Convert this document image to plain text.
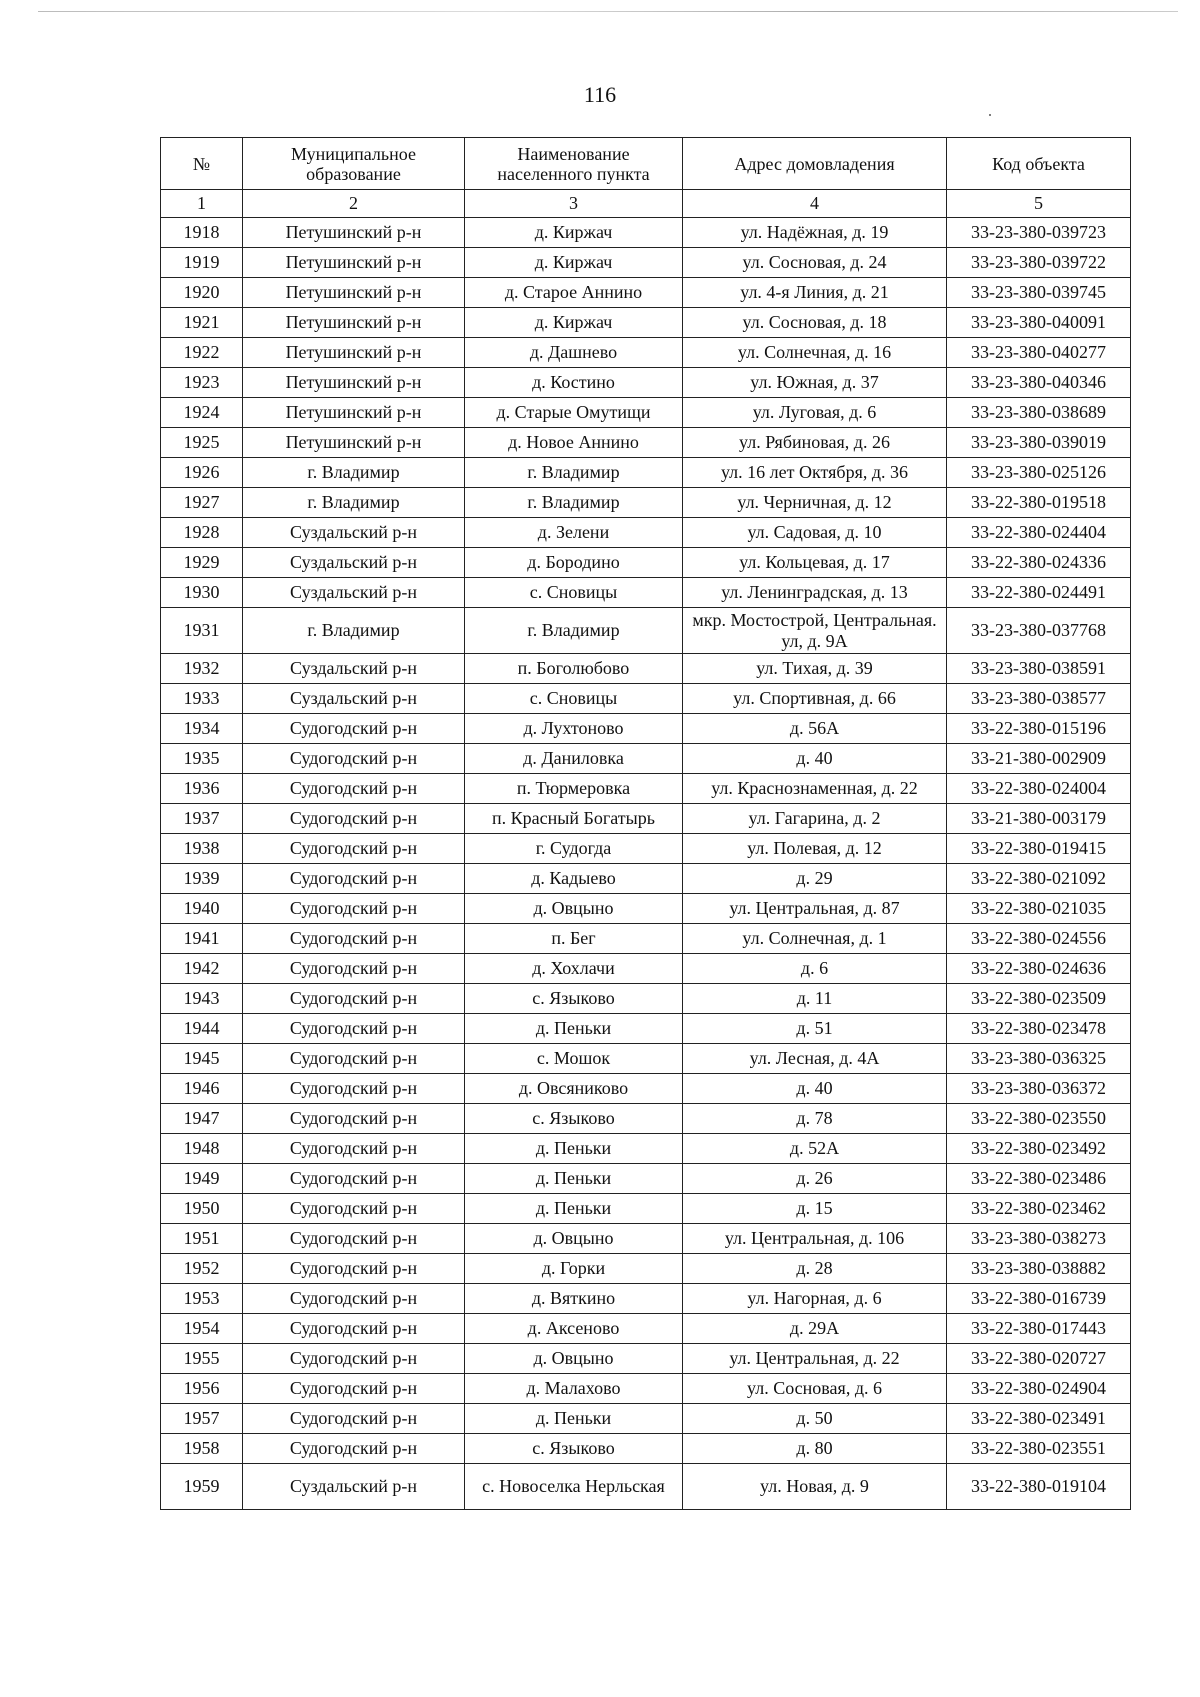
116
№	Муниципальное образование	Наименование населенного пункта	Адрес домовладения	Код объекта
1	2	3	4	5
1918	Петушинский р-н	д. Киржач	ул. Надёжная, д. 19	33-23-380-039723
1919	Петушинский р-н	д. Киржач	ул. Сосновая, д. 24	33-23-380-039722
1920	Петушинский р-н	д. Старое Аннино	ул. 4-я Линия, д. 21	33-23-380-039745
1921	Петушинский р-н	д. Киржач	ул. Сосновая, д. 18	33-23-380-040091
1922	Петушинский р-н	д. Дашнево	ул. Солнечная, д. 16	33-23-380-040277
1923	Петушинский р-н	д. Костино	ул. Южная, д. 37	33-23-380-040346
1924	Петушинский р-н	д. Старые Омутищи	ул. Луговая, д. 6	33-23-380-038689
1925	Петушинский р-н	д. Новое Аннино	ул. Рябиновая, д. 26	33-23-380-039019
1926	г. Владимир	г. Владимир	ул. 16 лет Октября, д. 36	33-23-380-025126
1927	г. Владимир	г. Владимир	ул. Черничная, д. 12	33-22-380-019518
1928	Суздальский р-н	д. Зелени	ул. Садовая, д. 10	33-22-380-024404
1929	Суздальский р-н	д. Бородино	ул. Кольцевая, д. 17	33-22-380-024336
1930	Суздальский р-н	с. Сновицы	ул. Ленинградская, д. 13	33-22-380-024491
1931	г. Владимир	г. Владимир	мкр. Мостострой, Центральная. ул, д. 9А	33-23-380-037768
1932	Суздальский р-н	п. Боголюбово	ул. Тихая, д. 39	33-23-380-038591
1933	Суздальский р-н	с. Сновицы	ул. Спортивная, д. 66	33-23-380-038577
1934	Судогодский р-н	д. Лухтоново	д. 56А	33-22-380-015196
1935	Судогодский р-н	д. Даниловка	д. 40	33-21-380-002909
1936	Судогодский р-н	п. Тюрмеровка	ул. Краснознаменная, д. 22	33-22-380-024004
1937	Судогодский р-н	п. Красный Богатырь	ул. Гагарина, д. 2	33-21-380-003179
1938	Судогодский р-н	г. Судогда	ул. Полевая, д. 12	33-22-380-019415
1939	Судогодский р-н	д. Кадыево	д. 29	33-22-380-021092
1940	Судогодский р-н	д. Овцыно	ул. Центральная, д. 87	33-22-380-021035
1941	Судогодский р-н	п. Бег	ул. Солнечная, д. 1	33-22-380-024556
1942	Судогодский р-н	д. Хохлачи	д. 6	33-22-380-024636
1943	Судогодский р-н	с. Языково	д. 11	33-22-380-023509
1944	Судогодский р-н	д. Пеньки	д. 51	33-22-380-023478
1945	Судогодский р-н	с. Мошок	ул. Лесная, д. 4А	33-23-380-036325
1946	Судогодский р-н	д. Овсяниково	д. 40	33-23-380-036372
1947	Судогодский р-н	с. Языково	д. 78	33-22-380-023550
1948	Судогодский р-н	д. Пеньки	д. 52А	33-22-380-023492
1949	Судогодский р-н	д. Пеньки	д. 26	33-22-380-023486
1950	Судогодский р-н	д. Пеньки	д. 15	33-22-380-023462
1951	Судогодский р-н	д. Овцыно	ул. Центральная, д. 106	33-23-380-038273
1952	Судогодский р-н	д. Горки	д. 28	33-23-380-038882
1953	Судогодский р-н	д. Вяткино	ул. Нагорная, д. 6	33-22-380-016739
1954	Судогодский р-н	д. Аксеново	д. 29А	33-22-380-017443
1955	Судогодский р-н	д. Овцыно	ул. Центральная, д. 22	33-22-380-020727
1956	Судогодский р-н	д. Малахово	ул. Сосновая, д. 6	33-22-380-024904
1957	Судогодский р-н	д. Пеньки	д. 50	33-22-380-023491
1958	Судогодский р-н	с. Языково	д. 80	33-22-380-023551
1959	Суздальский р-н	с. Новоселка Нерльская	ул. Новая, д. 9	33-22-380-019104
